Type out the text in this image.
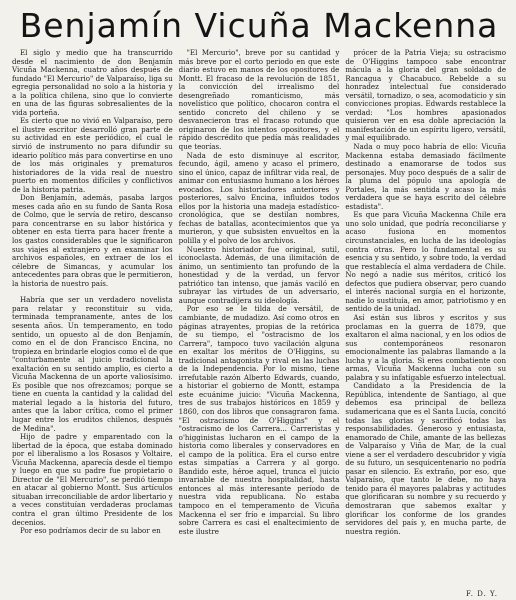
Benjamín Vicuña Mackenna

El siglo y medio que ha transcurrido desde el nacimiento de don Benjamín Vicuña Mackenna, cuatro años después de fundado "El Mercurio" de Valparaíso, liga su egregia personalidad no solo a la historia y a la política chilena, sino que lo convierte en una de las figuras sobresalientes de la vida porteña.

Es cierto que no vivió en Valparaíso, pero el ilustre escritor desarrolló gran parte de su actividad en este periódico, el cual le sirvió de instrumento no para difundir su ideario político más para convertirse en uno de los más originales y prematuros historiadores de la vida real de nuestro puerto en momentos difíciles y conflictivos de la historia patria.

Don Benjamín, además, pasaba largos meses cada año en su fundo de Santa Rosa de Colmo, que le servía de retiro, descanso para concentrarse en su labor histórica y obtener en esta tierra para hacer frente a los gastos considerables que le significaron sus viajes al extranjero y en examinar los archivos españoles, en extraer de los el célebre de Simancas, y acumular los antecedentes para obras que le permitieron, la historia de nuestro país.

Habría que ser un verdadero novelista para relatar y reconstituir su vida, terminada tempranamente, antes de los sesenta años. Un temperamento, en todo sentido, un opuesto al de don Benjamín, como en el de don Francisco Encina, no tropieza en brindarle elogios como el de que "conturbamente al juicio tradicional la exaltación en su sentido amplio, es cierto a Vicuña Mackenna de un aporte valiosísimo. Es posible que nos ofrezcamos; porque se tiene en cuenta la cantidad y la calidad del material legado a la historia del futuro, antes que la labor crítica, como el primer lugar entre los eruditos chilenos, después de Medina".

Hijo de padre y emparentado con la libertad de la época, que estaba dominado por el liberalismo a los Rosasos y Voltaire, Vicuña Mackenna, aparecía desde el tiempo y luego en que su padre fue propietario o Director de "El Mercurio", se perdió tiempo en atacar al gobierno Montt. Sus artículos situaban irreconciliable de ardor libertario y a veces constituían verdaderas proclamas contra el gran último Presidente de los decenios.

Por eso podríamos decir de su labor en

"El Mercurio", breve por su cantidad y más breve por el corto periodo en que este diario estuvo en manos de los opositores de Montt. El fracaso de la revolución de 1851, la convicción del irrealismo del desengreñado romanticismo, más novelístico que político, chocaron contra el sentido concreto del chileno y se desvanecieron tras el fracaso rotundo que originaron de los intentos opositores, y el rápido descrédito que pedía más realidades que teorías.

Nada de esto disminuye al escritor, fecundo, ágil, ameno y acaso el primero, sino el único, capaz de infiltrar vida real, de animar con entusiasmo humano a los héroes evocados. Los historiadores anteriores y posteriores, salvo Encina, influidos todos ellos por la historia una madeja estadístico-cronológica, que se destilan nombres, fechas de batallas, acontecimientos que ya murieron, y que subsisten envueltos en la polilla y el polvo de los archivos.

Nuestro historiador fue original, sutil, iconoclasta. Además, de una ilimitación de ánimo, un sentimiento tan profundo de la honestidad y de la verdad, un fervor patriótico tan intenso, que jamás vaciló en subrayar las virtudes de un adversario, aunque contradijera su ideología.

Por eso se le tilda de versátil, de cambiante, de mudadizo. Así como otros en páginas atrayentes, propias de la retórica de su tiempo, el "ostracismo de los Carrera", tampoco tuvo vacilación alguna en exaltar los méritos de O'Higgins, su tradicional antagonista y rival en las luchas de la Independencia. Por lo mismo, tiene irrefutable razón Alberto Edwards, cuando, a historiar el gobierno de Montt, estampa este ecuánime juicio: "Vicuña Mackenna, tres de sus trabajos históricos en 1859 y 1860, con dos libros que consagraron fama. "El ostracismo de O'Higgins" y el "ostracismo de los Carrera... Carreristas y o'higginistas lucharon en el campo de la historia como liberales y conservadores en el campo de la política. Era el curso entre estas simpatías a Carrera y al gorgo. Bandido este, héroe aquel, trunca el juicio invariable de nuestra hospitalidad, hasta entonces al más interesante período de nuestra vida republicana. No estaba tampoco en el temperamento de Vicuña Mackenna el ser frío e imparcial. Su libro sobre Carrera es casi el enaltecimiento de este ilustre

prócer de la Patria Vieja; su ostracismo de O'Higgins tampoco sabe encontrar mácula a la gloria del gran soldado de Rancagua y Chacabuco. Rebelde a su honradez intelectual fue considerado versátil, tornadizo, o sea, acomodaticio y sin convicciones propias. Edwards restablece la verdad: "Los hombres apasionados quisieron ver en esa doble apreciación la manifestación de un espíritu ligero, versátil, y mal equilibrado.

Nada o muy poco habría de ello: Vicuña Mackenna estaba demasiado fácilmente destinado a enamorarse de todos sus personajes. Muy poco después de a salir de la pluma del pópulo una apología de Portales, la más sentida y acaso la más verdadera que se haya escrito del célebre estadista".

Es que para Vicuña Mackenna Chile era uno solo unidad, que podría reconciliarse y acaso fusiona en momentos circunstanciales, en lucha de las ideologías contra otras. Pero lo fundamental es su esencia y su sentido, y sobre todo, la verdad que restablecía el alma verdadera de Chile. No negó a nadie sus méritos, criticó los defectos que pudiera observar, pero cuando el interés nacional surgía en el horizonte, nadie lo sustituía, en amor, patriotismo y en sentido de la unidad.

Así están sus libros y escritos y sus proclamas en la guerra de 1879, que exaltaron el alma nacional, y en los odios de sus contemporáneos resonaron emocionalmente las palabras llamando a la lucha y a la gloria. Si eres combatiente con armas, Vicuña Mackenna lucha con su palabra y su infatigable esfuerzo intelectual.

Candidato a la Presidencia de la República, intendente de Santiago, al que debemos esa principal de belleza sudamericana que es el Santa Lucía, concitó todas las glorias y sacrificó todas las responsabilidades. Generoso y entusiasta, enamorado de Chile, amante de las bellezas de Valparaíso y Viña de Mar, de la cual viene a ser el verdadero descubridor y vigía de su futuro, un sesquicentenario no podría pasar en silencio. Es extraño, por eso, que Valparaíso, que tanto le debe, no haya tenido para él mayores palabras y actitudes que glorificaran su nombre y su recuerdo y demostraran que sabemos exaltar y glorificar los conforme de los grandes servidores del país y, en mucha parte, de nuestra región.

F. D. Y.
